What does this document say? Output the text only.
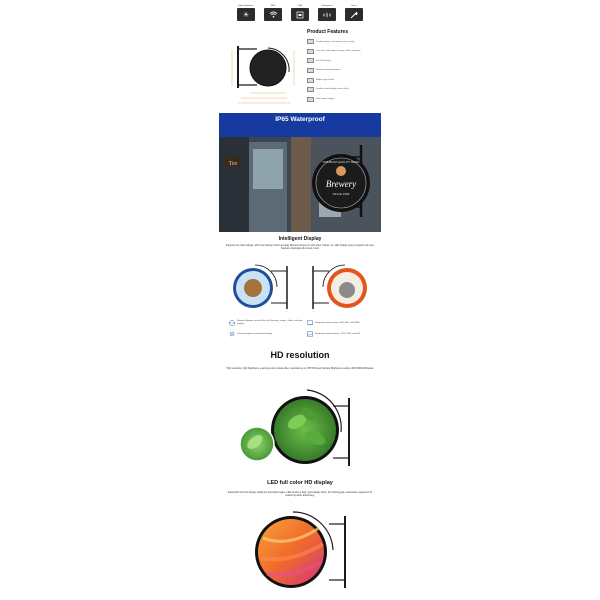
High brightness
☀
WIFI	USB	Waterproof	Easy
Product Features
Double design, waterproof, more sturdy
Core lines with edge running, stable operation
Full HD display
Remote upload programs
Mobile app control
Double sided display, better effect
Safe power supply
IP65 Waterproof
Tee	PREMIUM QUALITY BEER
Brewery
SINCE 1999
Intelligent Display
Supports one-click settings, which can display LOGO and play different pictures on both sides. Videos, etc. LED display screen supports usb view. Supports displaying all content in turn
Remote Network control: Box click Settings, image, Video, and loop display
Supported video formats: MP4, AVI, and WMV
Create programs and upload display	Supported image formats: JPG, PNG, and GIF
HD resolution
High resolution, high brightness, ensuring perfect visual effect, resolution up to 150*150 pixels.Surface Brightness reaches 4000-5000CD/Square
LED full color HD display
Small pitch full color display, bright and soft without glare, LED density is high, good display effect, No stitching gap, mainstream equipment for outdoor dynamic advertising.
